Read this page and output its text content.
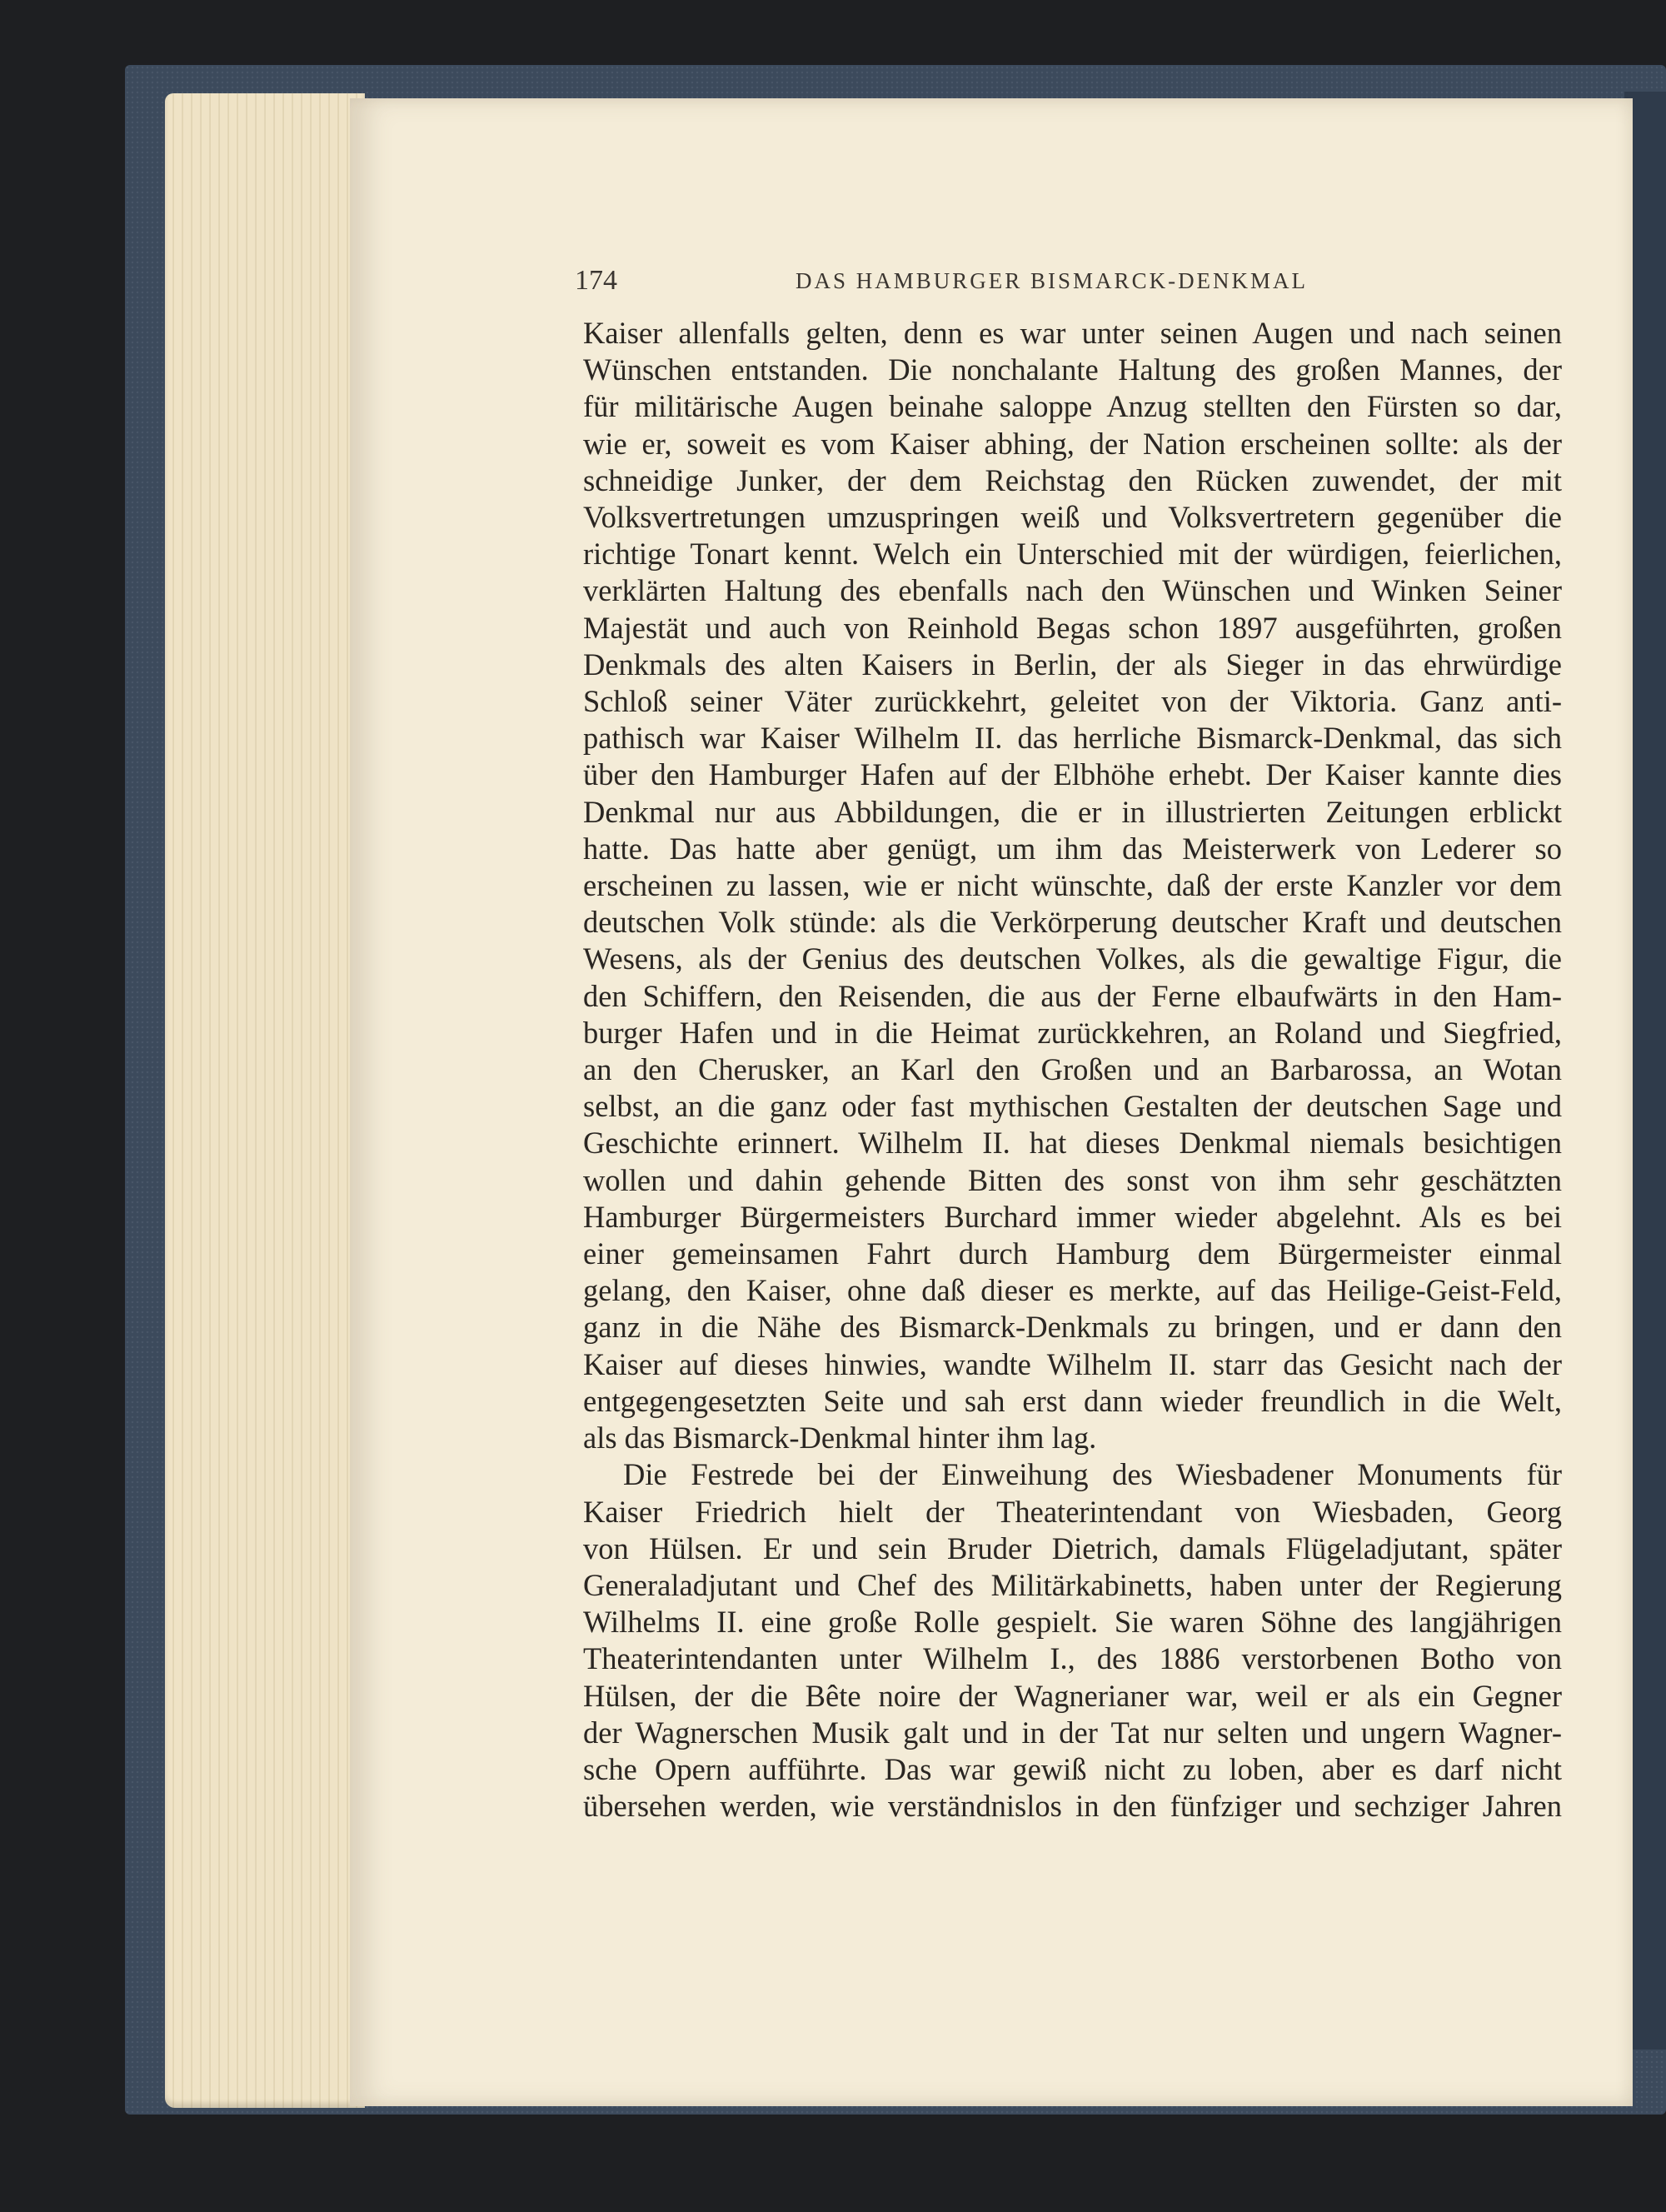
174	DAS HAMBURGER BISMARCK-DENKMAL

Kaiser allenfalls gelten, denn es war unter seinen Augen und nach seinen
Wünschen entstanden. Die nonchalante Haltung des großen Mannes, der
für militärische Augen beinahe saloppe Anzug stellten den Fürsten so dar,
wie er, soweit es vom Kaiser abhing, der Nation erscheinen sollte: als der
schneidige Junker, der dem Reichstag den Rücken zuwendet, der mit
Volksvertretungen umzuspringen weiß und Volksvertretern gegenüber die
richtige Tonart kennt. Welch ein Unterschied mit der würdigen, feierlichen,
verklärten Haltung des ebenfalls nach den Wünschen und Winken Seiner
Majestät und auch von Reinhold Begas schon 1897 ausgeführten, großen
Denkmals des alten Kaisers in Berlin, der als Sieger in das ehrwürdige
Schloß seiner Väter zurückkehrt, geleitet von der Viktoria. Ganz anti-
pathisch war Kaiser Wilhelm II. das herrliche Bismarck-Denkmal, das sich
über den Hamburger Hafen auf der Elbhöhe erhebt. Der Kaiser kannte dies
Denkmal nur aus Abbildungen, die er in illustrierten Zeitungen erblickt
hatte. Das hatte aber genügt, um ihm das Meisterwerk von Lederer so
erscheinen zu lassen, wie er nicht wünschte, daß der erste Kanzler vor dem
deutschen Volk stünde: als die Verkörperung deutscher Kraft und deutschen
Wesens, als der Genius des deutschen Volkes, als die gewaltige Figur, die
den Schiffern, den Reisenden, die aus der Ferne elbaufwärts in den Ham-
burger Hafen und in die Heimat zurückkehren, an Roland und Siegfried,
an den Cherusker, an Karl den Großen und an Barbarossa, an Wotan
selbst, an die ganz oder fast mythischen Gestalten der deutschen Sage und
Geschichte erinnert. Wilhelm II. hat dieses Denkmal niemals besichtigen
wollen und dahin gehende Bitten des sonst von ihm sehr geschätzten
Hamburger Bürgermeisters Burchard immer wieder abgelehnt. Als es bei
einer gemeinsamen Fahrt durch Hamburg dem Bürgermeister einmal
gelang, den Kaiser, ohne daß dieser es merkte, auf das Heilige-Geist-Feld,
ganz in die Nähe des Bismarck-Denkmals zu bringen, und er dann den
Kaiser auf dieses hinwies, wandte Wilhelm II. starr das Gesicht nach der
entgegengesetzten Seite und sah erst dann wieder freundlich in die Welt,
als das Bismarck-Denkmal hinter ihm lag.

Die Festrede bei der Einweihung des Wiesbadener Monuments für
Kaiser Friedrich hielt der Theaterintendant von Wiesbaden, Georg
von Hülsen. Er und sein Bruder Dietrich, damals Flügeladjutant, später
Generaladjutant und Chef des Militärkabinetts, haben unter der Regierung
Wilhelms II. eine große Rolle gespielt. Sie waren Söhne des langjährigen
Theaterintendanten unter Wilhelm I., des 1886 verstorbenen Botho von
Hülsen, der die Bête noire der Wagnerianer war, weil er als ein Gegner
der Wagnerschen Musik galt und in der Tat nur selten und ungern Wagner-
sche Opern aufführte. Das war gewiß nicht zu loben, aber es darf nicht
übersehen werden, wie verständnislos in den fünfziger und sechziger Jahren
